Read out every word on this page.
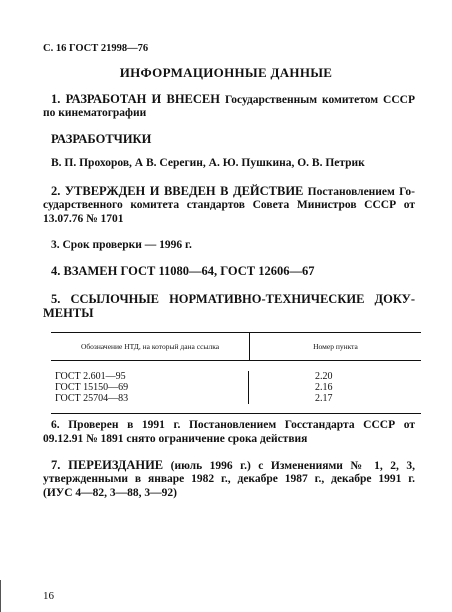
С. 16 ГОСТ 21998—76
ИНФОРМАЦИОННЫЕ ДАННЫЕ
1. РАЗРАБОТАН И ВНЕСЕН Государственным комитетом СССР
по кинематографии
РАЗРАБОТЧИКИ
В. П. Прохоров, А В. Серегин, А. Ю. Пушкина, О. В. Петрик
2. УТВЕРЖДЕН И ВВЕДЕН В ДЕЙСТВИЕ Постановлением Го-
сударственного комитета стандартов Совета Министров СССР от
13.07.76 № 1701
3. Срок проверки — 1996 г.
4. ВЗАМЕН ГОСТ 11080—64, ГОСТ 12606—67
5. ССЫЛОЧНЫЕ НОРМАТИВНО-ТЕХНИЧЕСКИЕ ДОКУ-
МЕНТЫ
Обозначение НТД, на который дана ссылка	Номер пункта
ГОСТ 2.601—95
ГОСТ 15150—69
ГОСТ 25704—83
2.20
2.16
2.17
6. Проверен в 1991 г. Постановлением Госстандарта СССР от
09.12.91 № 1891 снято ограничение срока действия
7. ПЕРЕИЗДАНИЕ (июль 1996 г.) с Изменениями № 1, 2, 3,
утвержденными в январе 1982 г., декабре 1987 г., декабре 1991 г.
(ИУС 4—82, 3—88, 3—92)
16
